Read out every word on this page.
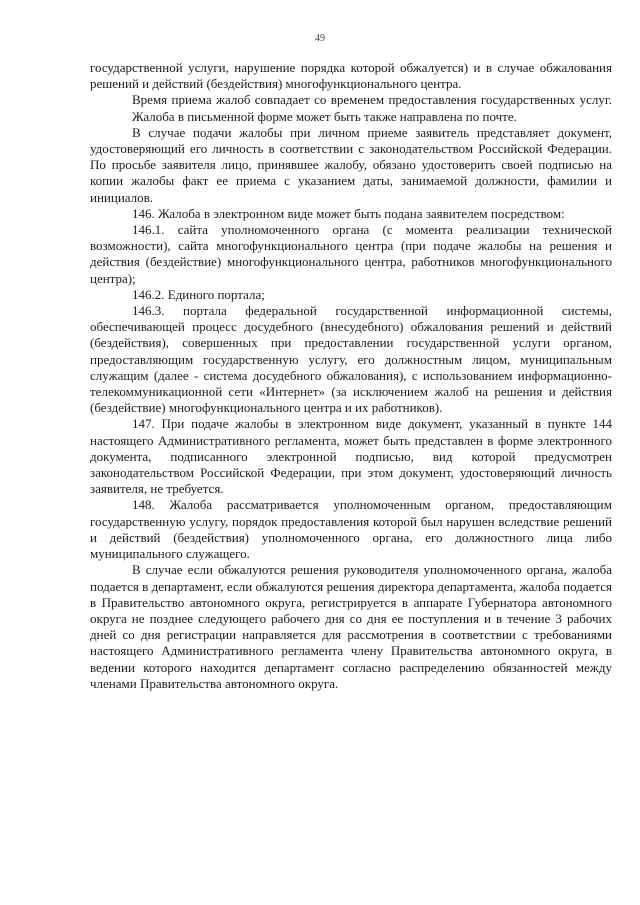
49

государственной услуги, нарушение порядка которой обжалуется) и в случае обжалования решений и действий (бездействия) многофункционального центра.

Время приема жалоб совпадает со временем предоставления государственных услуг.

Жалоба в письменной форме может быть также направлена по почте.

В случае подачи жалобы при личном приеме заявитель представляет документ, удостоверяющий его личность в соответствии с законодательством Российской Федерации. По просьбе заявителя лицо, принявшее жалобу, обязано удостоверить своей подписью на копии жалобы факт ее приема с указанием даты, занимаемой должности, фамилии и инициалов.

146. Жалоба в электронном виде может быть подана заявителем посредством:

146.1. сайта уполномоченного органа (с момента реализации технической возможности), сайта многофункционального центра (при подаче жалобы на решения и действия (бездействие) многофункционального центра, работников многофункционального центра);

146.2. Единого портала;

146.3. портала федеральной государственной информационной системы, обеспечивающей процесс досудебного (внесудебного) обжалования решений и действий (бездействия), совершенных при предоставлении государственной услуги органом, предоставляющим государственную услугу, его должностным лицом, муниципальным служащим (далее - система досудебного обжалования), с использованием информационно-телекоммуникационной сети «Интернет» (за исключением жалоб на решения и действия (бездействие) многофункционального центра и их работников).

147. При подаче жалобы в электронном виде документ, указанный в пункте 144 настоящего Административного регламента, может быть представлен в форме электронного документа, подписанного электронной подписью, вид которой предусмотрен законодательством Российской Федерации, при этом документ, удостоверяющий личность заявителя, не требуется.

148. Жалоба рассматривается уполномоченным органом, предоставляющим государственную услугу, порядок предоставления которой был нарушен вследствие решений и действий (бездействия) уполномоченного органа, его должностного лица либо муниципального служащего.

В случае если обжалуются решения руководителя уполномоченного органа, жалоба подается в департамент, если обжалуются решения директора департамента, жалоба подается в Правительство автономного округа, регистрируется в аппарате Губернатора автономного округа не позднее следующего рабочего дня со дня ее поступления и в течение 3 рабочих дней со дня регистрации направляется для рассмотрения в соответствии с требованиями настоящего Административного регламента члену Правительства автономного округа, в ведении которого находится департамент согласно распределению обязанностей между членами Правительства автономного округа.
